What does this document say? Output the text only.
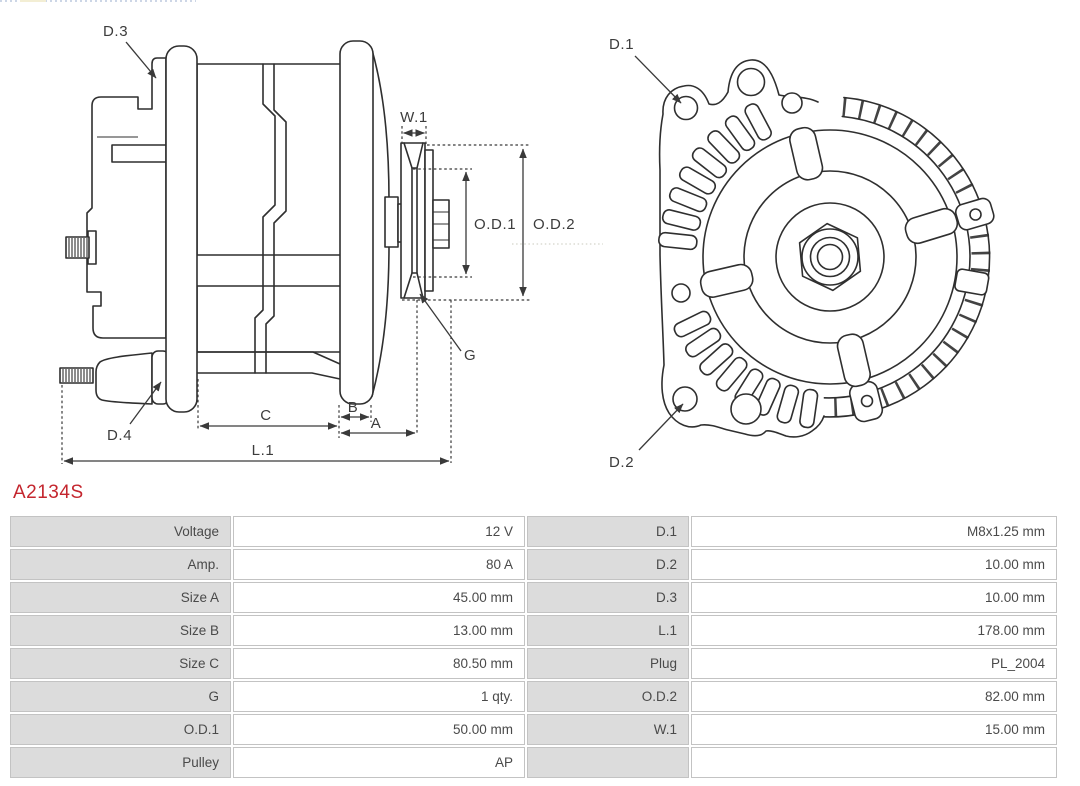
D.3
D.4
W.1
O.D.1 O.D.2
G
C	B
A
L.1
D.1
D.2
A2134S
Voltage	12 V	D.1	M8x1.25 mm
Amp.	80 A	D.2	10.00 mm
Size A	45.00 mm	D.3	10.00 mm
Size B	13.00 mm	L.1	178.00 mm
Size C	80.50 mm	Plug	PL_2004
G	1 qty.	O.D.2	82.00 mm
O.D.1	50.00 mm	W.1	15.00 mm
Pulley	AP		
